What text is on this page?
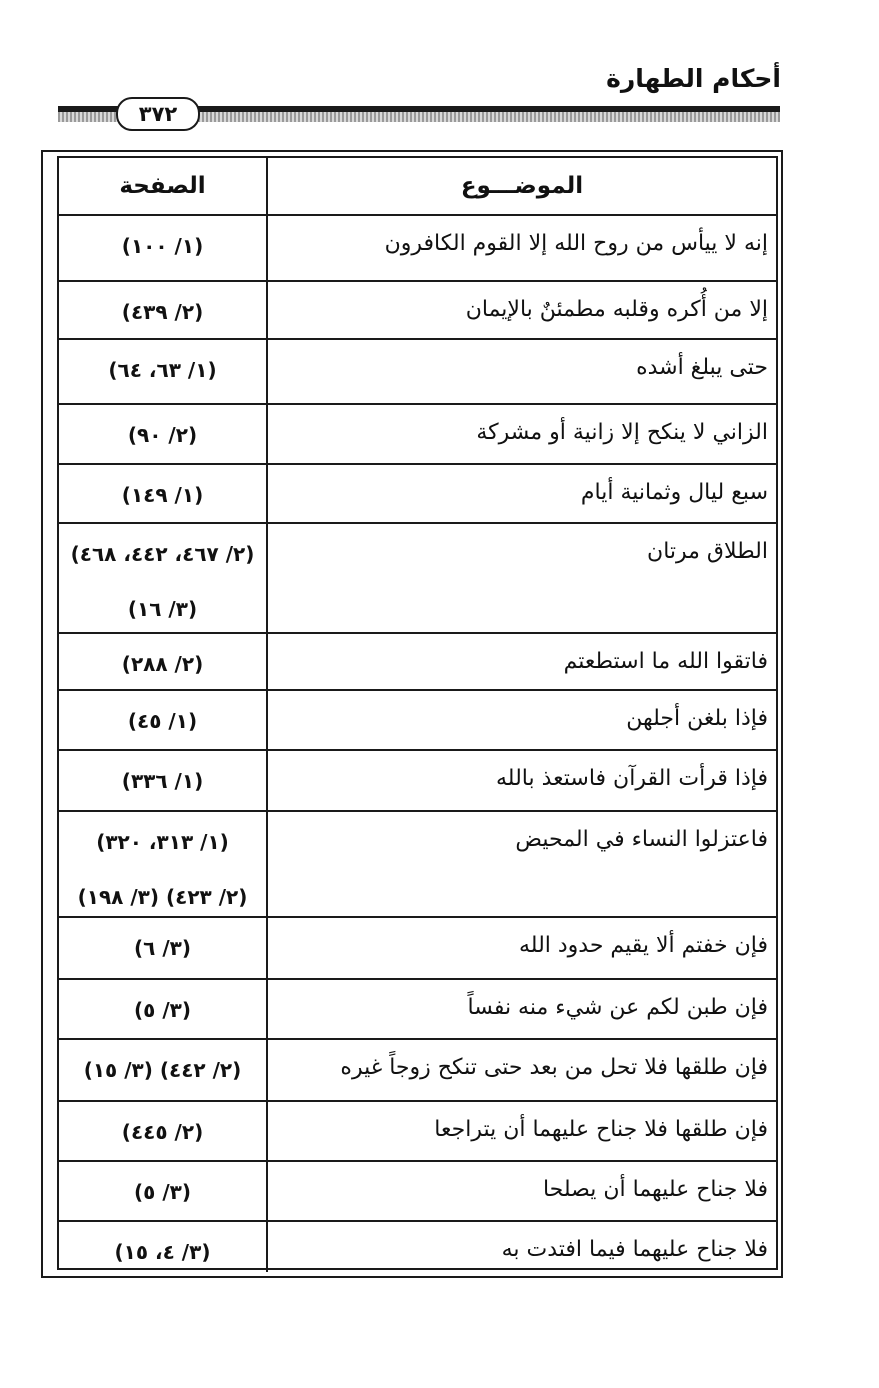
أحكام الطهارة
٣٧٢
الموضـــوع
الصفحة
إنه لا ييأس من روح الله إلا القوم الكافرون
(١/ ١٠٠)
إلا من أُكره وقلبه مطمئنٌ بالإيمان
(٢/ ٤٣٩)
حتى يبلغ أشده
(١/ ٦٣، ٦٤)
الزاني لا ينكح إلا زانية أو مشركة
(٢/ ٩٠)
سبع ليال وثمانية أيام
(١/ ١٤٩)
الطلاق مرتان
(٢/ ٤٦٧، ٤٤٢، ٤٦٨)
(٣/ ١٦)
فاتقوا الله ما استطعتم
(٢/ ٢٨٨)
فإذا بلغن أجلهن
(١/ ٤٥)
فإذا قرأت القرآن فاستعذ بالله
(١/ ٣٣٦)
فاعتزلوا النساء في المحيض
(١/ ٣١٣، ٣٢٠)
(٢/ ٤٢٣) (٣/ ١٩٨)
فإن خفتم ألا يقيم حدود الله
(٣/ ٦)
فإن طبن لكم عن شيء منه نفساً
(٣/ ٥)
فإن طلقها فلا تحل من بعد حتى تنكح زوجاً غيره
(٢/ ٤٤٢) (٣/ ١٥)
فإن طلقها فلا جناح عليهما أن يتراجعا
(٢/ ٤٤٥)
فلا جناح عليهما أن يصلحا
(٣/ ٥)
فلا جناح عليهما فيما افتدت به
(٣/ ٤، ١٥)
